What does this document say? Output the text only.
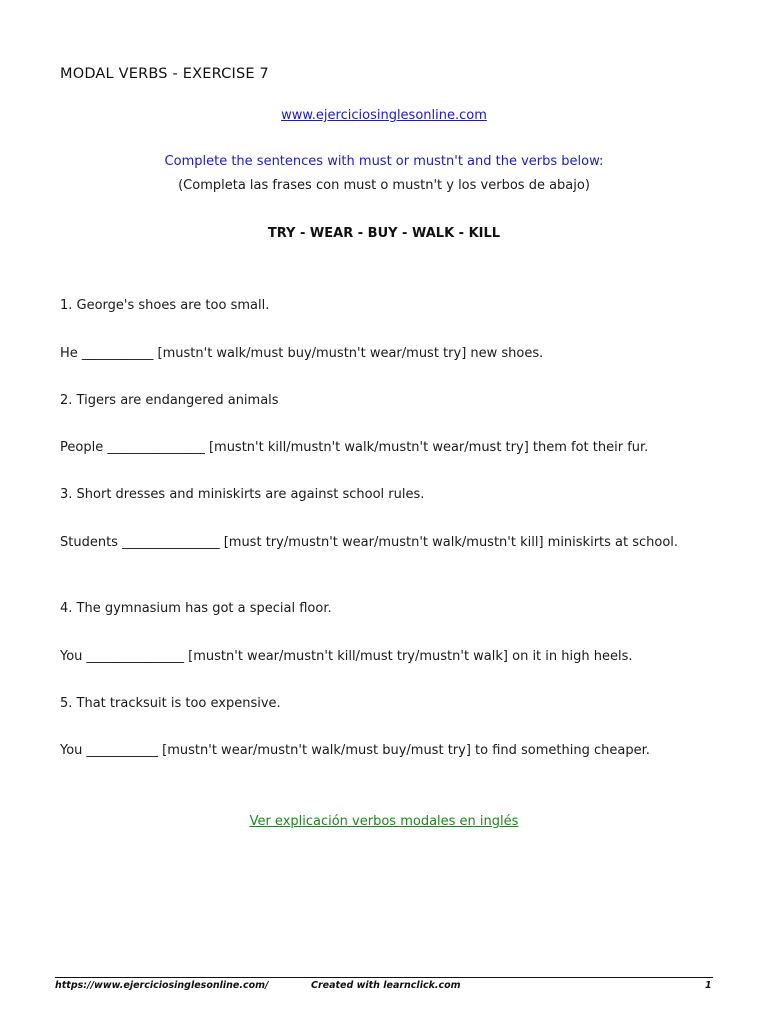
MODAL VERBS - EXERCISE 7
www.ejerciciosinglesonline.com
Complete the sentences with must or mustn't and the verbs below:
(Completa las frases con must o mustn't y los verbos de abajo)
TRY - WEAR - BUY - WALK - KILL
1. George's shoes are too small.
He ___________ [mustn't walk/must buy/mustn't wear/must try] new shoes.
2. Tigers are endangered animals
People _______________ [mustn't kill/mustn't walk/mustn't wear/must try] them fot their fur.
3. Short dresses and miniskirts are against school rules.
Students _______________ [must try/mustn't wear/mustn't walk/mustn't kill] miniskirts at school.
4. The gymnasium has got a special floor.
You _______________ [mustn't wear/mustn't kill/must try/mustn't walk] on it in high heels.
5. That tracksuit is too expensive.
You ___________ [mustn't wear/mustn't walk/must buy/must try] to find something cheaper.
Ver explicación verbos modales en inglés
https://www.ejerciciosinglesonline.com/	Created with learnclick.com	1
